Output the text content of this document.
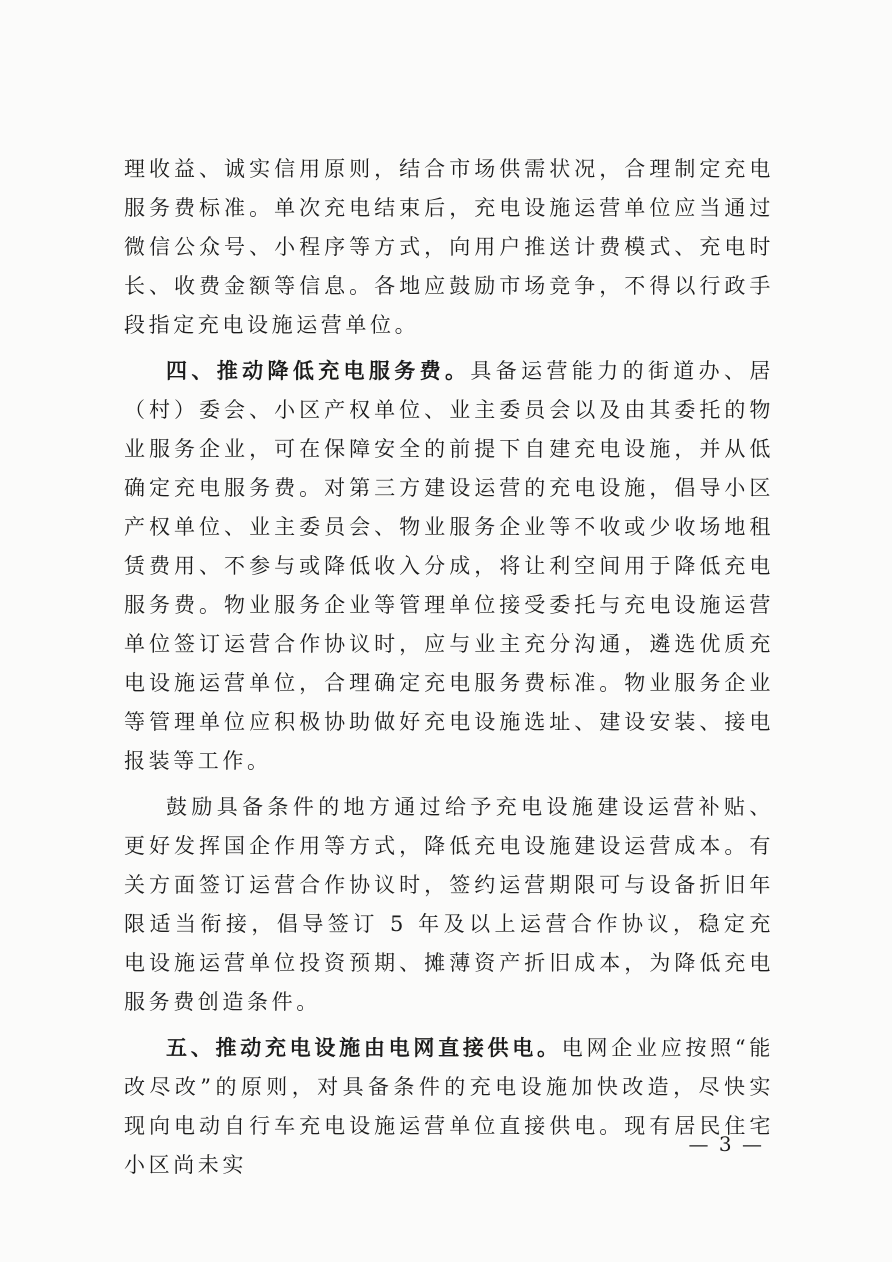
理收益、诚实信用原则，结合市场供需状况，合理制定充电服务费标准。单次充电结束后，充电设施运营单位应当通过微信公众号、小程序等方式，向用户推送计费模式、充电时长、收费金额等信息。各地应鼓励市场竞争，不得以行政手段指定充电设施运营单位。

四、推动降低充电服务费。具备运营能力的街道办、居（村）委会、小区产权单位、业主委员会以及由其委托的物业服务企业，可在保障安全的前提下自建充电设施，并从低确定充电服务费。对第三方建设运营的充电设施，倡导小区产权单位、业主委员会、物业服务企业等不收或少收场地租赁费用、不参与或降低收入分成，将让利空间用于降低充电服务费。物业服务企业等管理单位接受委托与充电设施运营单位签订运营合作协议时，应与业主充分沟通，遴选优质充电设施运营单位，合理确定充电服务费标准。物业服务企业等管理单位应积极协助做好充电设施选址、建设安装、接电报装等工作。

鼓励具备条件的地方通过给予充电设施建设运营补贴、更好发挥国企作用等方式，降低充电设施建设运营成本。有关方面签订运营合作协议时，签约运营期限可与设备折旧年限适当衔接，倡导签订 5 年及以上运营合作协议，稳定充电设施运营单位投资预期、摊薄资产折旧成本，为降低充电服务费创造条件。

五、推动充电设施由电网直接供电。电网企业应按照“能改尽改”的原则，对具备条件的充电设施加快改造，尽快实现向电动自行车充电设施运营单位直接供电。现有居民住宅小区尚未实

— 3 —
